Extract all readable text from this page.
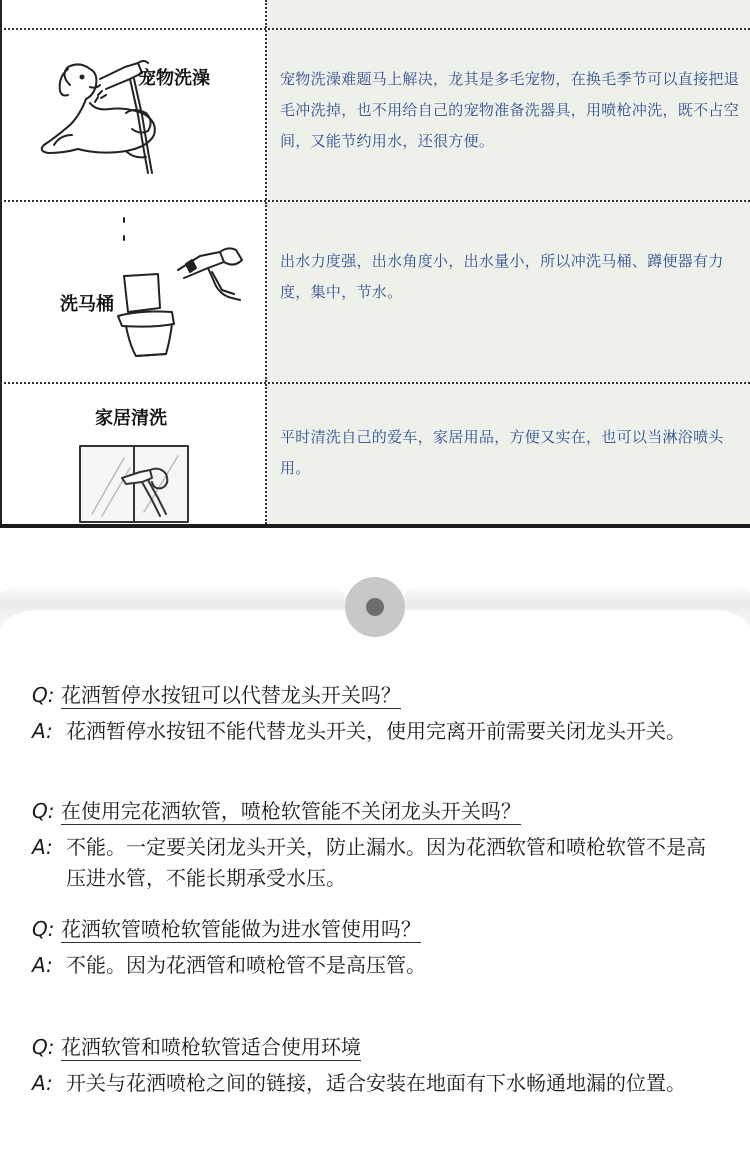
宠物洗澡	宠物洗澡难题马上解决，龙其是多毛宠物，在换毛季节可以直接把退毛冲洗掉，也不用给自己的宠物准备洗器具，用喷枪冲洗，既不占空间，又能节约用水，还很方便。
洗马桶
出水力度强，出水角度小，出水量小，所以冲洗马桶、蹲便器有力度，集中，节水。
家居清洗
平时清洗自己的爱车，家居用品，方便又实在，也可以当淋浴喷头用。
Q: 花洒暂停水按钮可以代替龙头开关吗？
A: 花洒暂停水按钮不能代替龙头开关，使用完离开前需要关闭龙头开关。
Q: 在使用完花洒软管，喷枪软管能不关闭龙头开关吗？
A: 不能。一定要关闭龙头开关，防止漏水。因为花洒软管和喷枪软管不是高压进水管，不能长期承受水压。
Q: 花洒软管喷枪软管能做为进水管使用吗？
A: 不能。因为花洒管和喷枪管不是高压管。
Q: 花洒软管和喷枪软管适合使用环境
A: 开关与花洒喷枪之间的链接，适合安装在地面有下水畅通地漏的位置。
